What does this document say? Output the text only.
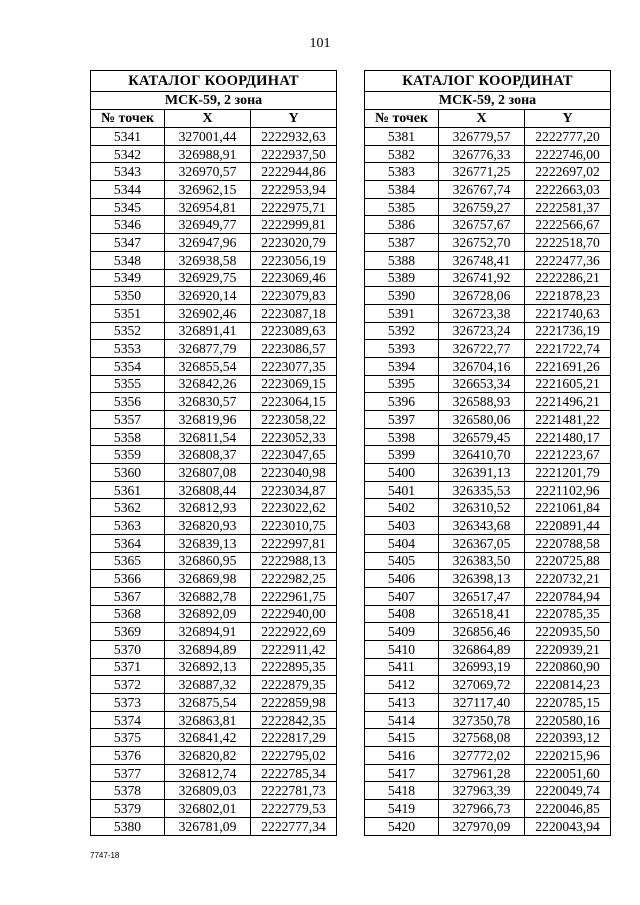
101
КАТАЛОГ КООРДИНАТ		
МСК-59, 2 зона		
№ точек	X	Y
5341	327001,44	2222932,63
5342	326988,91	2222937,50
5343	326970,57	2222944,86
5344	326962,15	2222953,94
5345	326954,81	2222975,71
5346	326949,77	2222999,81
5347	326947,96	2223020,79
5348	326938,58	2223056,19
5349	326929,75	2223069,46
5350	326920,14	2223079,83
5351	326902,46	2223087,18
5352	326891,41	2223089,63
5353	326877,79	2223086,57
5354	326855,54	2223077,35
5355	326842,26	2223069,15
5356	326830,57	2223064,15
5357	326819,96	2223058,22
5358	326811,54	2223052,33
5359	326808,37	2223047,65
5360	326807,08	2223040,98
5361	326808,44	2223034,87
5362	326812,93	2223022,62
5363	326820,93	2223010,75
5364	326839,13	2222997,81
5365	326860,95	2222988,13
5366	326869,98	2222982,25
5367	326882,78	2222961,75
5368	326892,09	2222940,00
5369	326894,91	2222922,69
5370	326894,89	2222911,42
5371	326892,13	2222895,35
5372	326887,32	2222879,35
5373	326875,54	2222859,98
5374	326863,81	2222842,35
5375	326841,42	2222817,29
5376	326820,82	2222795,02
5377	326812,74	2222785,34
5378	326809,03	2222781,73
5379	326802,01	2222779,53
5380	326781,09	2222777,34
КАТАЛОГ КООРДИНАТ		
МСК-59, 2 зона		
№ точек	X	Y
5381	326779,57	2222777,20
5382	326776,33	2222746,00
5383	326771,25	2222697,02
5384	326767,74	2222663,03
5385	326759,27	2222581,37
5386	326757,67	2222566,67
5387	326752,70	2222518,70
5388	326748,41	2222477,36
5389	326741,92	2222286,21
5390	326728,06	2221878,23
5391	326723,38	2221740,63
5392	326723,24	2221736,19
5393	326722,77	2221722,74
5394	326704,16	2221691,26
5395	326653,34	2221605,21
5396	326588,93	2221496,21
5397	326580,06	2221481,22
5398	326579,45	2221480,17
5399	326410,70	2221223,67
5400	326391,13	2221201,79
5401	326335,53	2221102,96
5402	326310,52	2221061,84
5403	326343,68	2220891,44
5404	326367,05	2220788,58
5405	326383,50	2220725,88
5406	326398,13	2220732,21
5407	326517,47	2220784,94
5408	326518,41	2220785,35
5409	326856,46	2220935,50
5410	326864,89	2220939,21
5411	326993,19	2220860,90
5412	327069,72	2220814,23
5413	327117,40	2220785,15
5414	327350,78	2220580,16
5415	327568,08	2220393,12
5416	327772,02	2220215,96
5417	327961,28	2220051,60
5418	327963,39	2220049,74
5419	327966,73	2220046,85
5420	327970,09	2220043,94
7747-18
